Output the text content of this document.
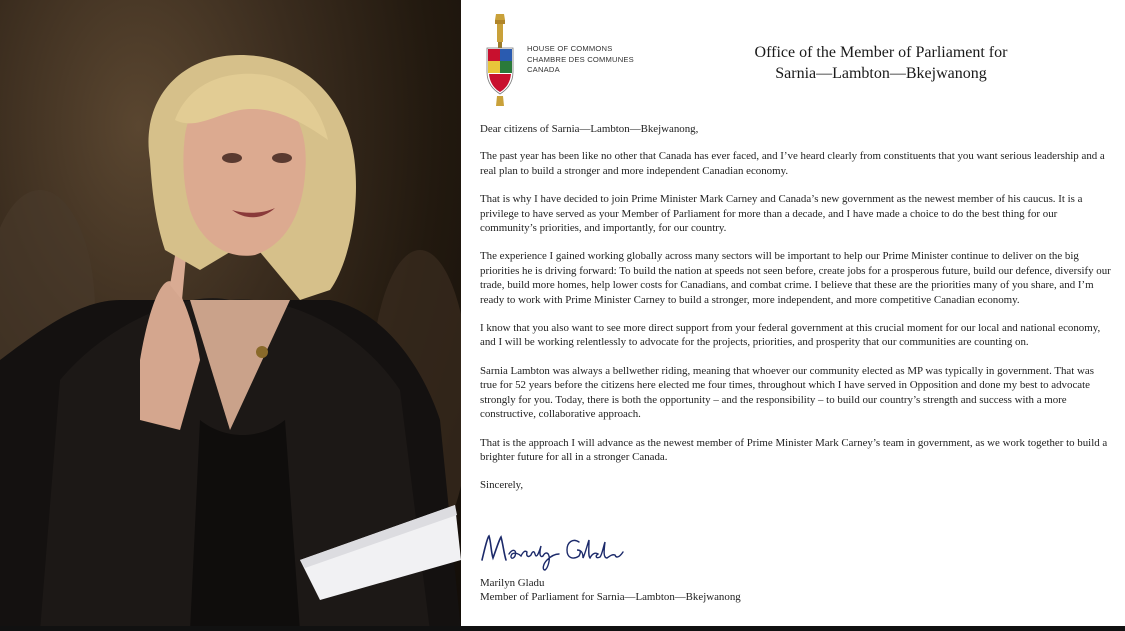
HOUSE OF COMMONS
CHAMBRE DES COMMUNES
CANADA
Office of the Member of Parliament for
Sarnia—Lambton—Bkejwanong

Dear citizens of Sarnia—Lambton—Bkejwanong,

The past year has been like no other that Canada has ever faced, and I’ve heard clearly from constituents that you want serious leadership and a real plan to build a stronger and more independent Canadian economy.

That is why I have decided to join Prime Minister Mark Carney and Canada’s new government as the newest member of his caucus. It is a privilege to have served as your Member of Parliament for more than a decade, and I have made a choice to do the best thing for our community’s priorities, and importantly, for our country.

The experience I gained working globally across many sectors will be important to help our Prime Minister continue to deliver on the big priorities he is driving forward: To build the nation at speeds not seen before, create jobs for a prosperous future, build our defence, diversify our trade, build more homes, help lower costs for Canadians, and combat crime. I believe that these are the priorities many of you share, and I’m ready to work with Prime Minister Carney to build a stronger, more independent, and more competitive Canadian economy.

I know that you also want to see more direct support from your federal government at this crucial moment for our local and national economy, and I will be working relentlessly to advocate for the projects, priorities, and prosperity that our communities are counting on.

Sarnia Lambton was always a bellwether riding, meaning that whoever our community elected as MP was typically in government. That was true for 52 years before the citizens here elected me four times, throughout which I have served in Opposition and done my best to advocate strongly for you. Today, there is both the opportunity – and the responsibility – to build our country’s strength and success with a more constructive, collaborative approach.

That is the approach I will advance as the newest member of Prime Minister Mark Carney’s team in government, as we work together to build a brighter future for all in a stronger Canada.

Sincerely,

Marilyn Gladu
Member of Parliament for Sarnia—Lambton—Bkejwanong
